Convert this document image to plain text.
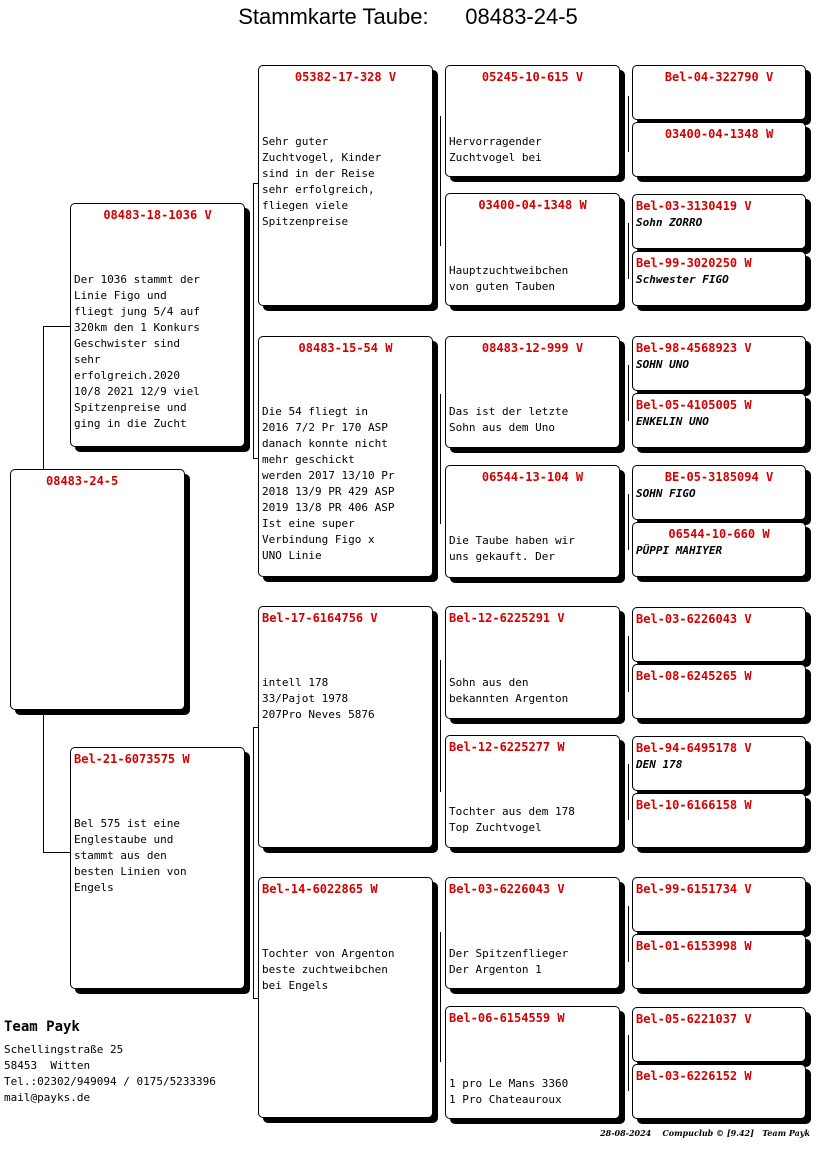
Stammkarte Taube: 08483-24-5
08483-24-5
08483-18-1036 V

Der 1036 stammt der
Linie Figo und
fliegt jung 5/4 auf
320km den 1 Konkurs
Geschwister sind
sehr
erfolgreich.2020
10/8 2021 12/9 viel
Spitzenpreise und
ging in die Zucht

Bel-21-6073575 W

Bel 575 ist eine
Englestaube und
stammt aus den
besten Linien von
Engels

05382-17-328 V

Sehr guter
Zuchtvogel, Kinder
sind in der Reise
sehr erfolgreich,
fliegen viele
Spitzenpreise

08483-15-54 W

Die 54 fliegt in
2016 7/2 Pr 170 ASP
danach konnte nicht
mehr geschickt
werden 2017 13/10 Pr
2018 13/9 PR 429 ASP
2019 13/8 PR 406 ASP
Ist eine super
Verbindung Figo x
UNO Linie

Bel-17-6164756 V

intell 178
33/Pajot 1978
207Pro Neves 5876

Bel-14-6022865 W

Tochter von Argenton
beste zuchtweibchen
bei Engels

05245-10-615 V

Hervorragender
Zuchtvogel bei

03400-04-1348 W

Hauptzuchtweibchen
von guten Tauben

08483-12-999 V

Das ist der letzte
Sohn aus dem Uno

06544-13-104 W

Die Taube haben wir
uns gekauft. Der

Bel-12-6225291 V

Sohn aus den
bekannten Argenton

Bel-12-6225277 W

Tochter aus dem 178
Top Zuchtvogel

Bel-03-6226043 V

Der Spitzenflieger
Der Argenton 1

Bel-06-6154559 W

1 pro Le Mans 3360
1 Pro Chateauroux

Bel-04-322790 V
03400-04-1348 W
Bel-03-3130419 V

Sohn ZORRO

Bel-99-3020250 W

Schwester FIGO

Bel-98-4568923 V

SOHN UNO

Bel-05-4105005 W

ENKELIN UNO

BE-05-3185094 V

SOHN FIGO

06544-10-660 W

PÜPPI MAHIYER

Bel-03-6226043 V
Bel-08-6245265 W
Bel-94-6495178 V

DEN 178

Bel-10-6166158 W
Bel-99-6151734 V
Bel-01-6153998 W
Bel-05-6221037 V
Bel-03-6226152 W
Team Payk

Schellingstraße 25
58453  Witten
Tel.:02302/949094 / 0175/5233396
mail@payks.de

28-08-2024    Compuclub © [9.42]   Team Payk
